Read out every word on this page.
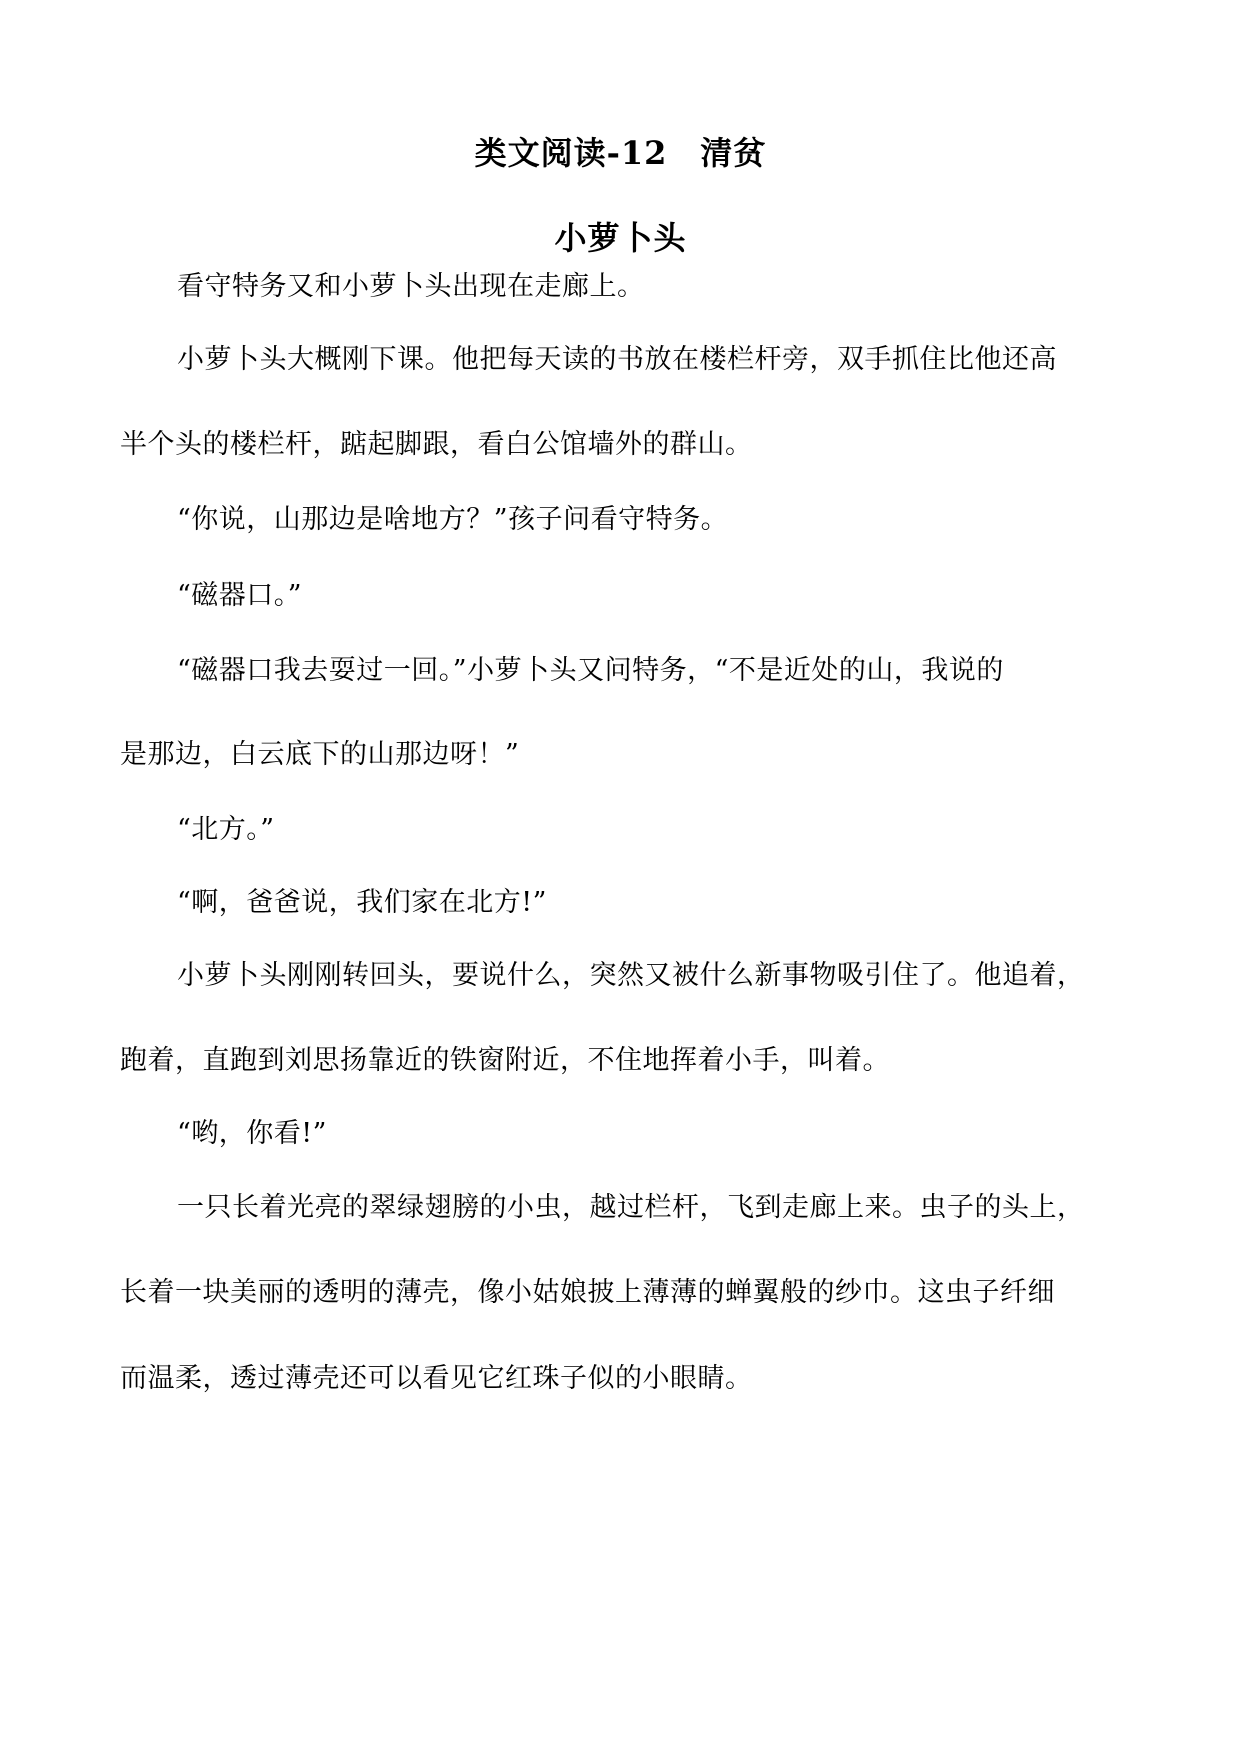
类文阅读-12　清贫
小萝卜头
看守特务又和小萝卜头出现在走廊上。
小萝卜头大概刚下课。他把每天读的书放在楼栏杆旁，双手抓住比他还高
半个头的楼栏杆，踮起脚跟，看白公馆墙外的群山。
“你说，山那边是啥地方？”孩子问看守特务。
“磁器口。”
“磁器口我去耍过一回。”小萝卜头又问特务，“不是近处的山，我说的
是那边，白云底下的山那边呀！”
“北方。”
“啊，爸爸说，我们家在北方!”
小萝卜头刚刚转回头，要说什么，突然又被什么新事物吸引住了。他追着，
跑着，直跑到刘思扬靠近的铁窗附近，不住地挥着小手，叫着。
“哟，你看!”
一只长着光亮的翠绿翅膀的小虫，越过栏杆，飞到走廊上来。虫子的头上，
长着一块美丽的透明的薄壳，像小姑娘披上薄薄的蝉翼般的纱巾。这虫子纤细
而温柔，透过薄壳还可以看见它红珠子似的小眼睛。
